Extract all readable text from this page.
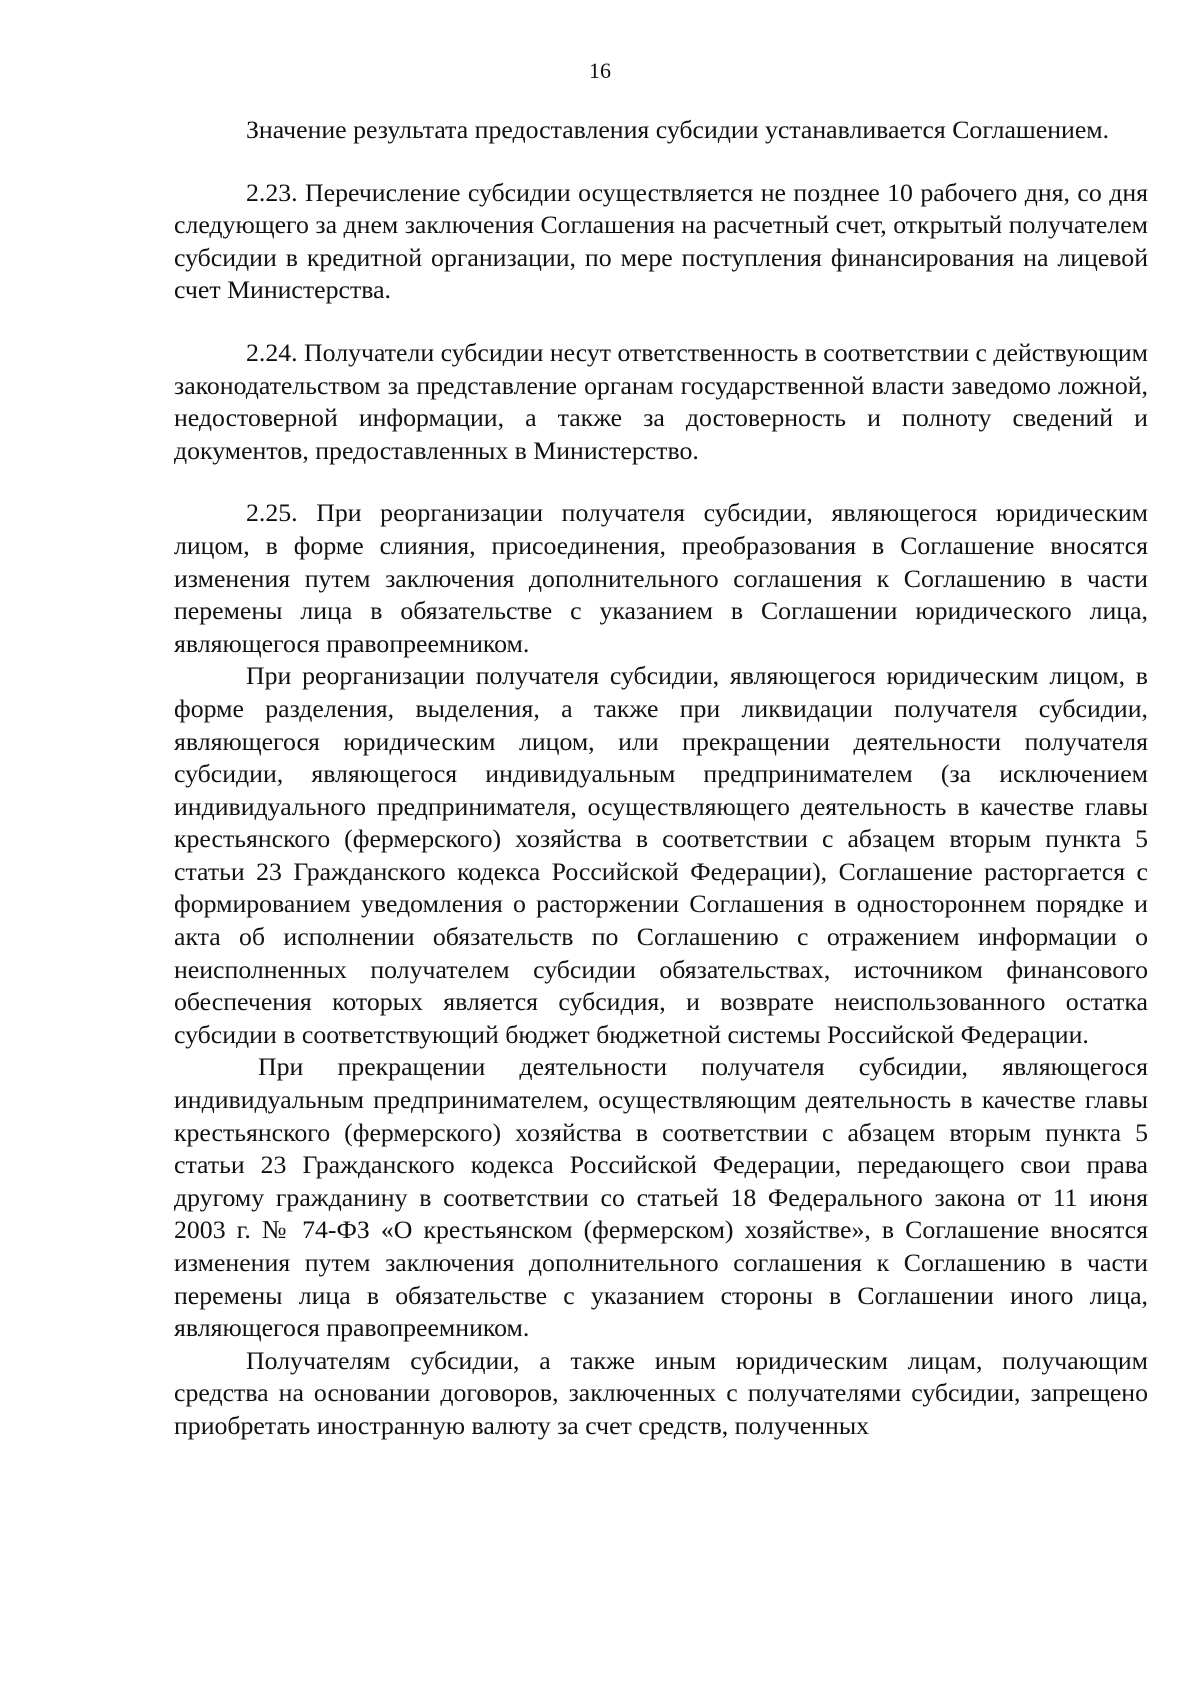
16

Значение результата предоставления субсидии устанавливается Соглашением.

2.23. Перечисление субсидии осуществляется не позднее 10 рабочего дня, со дня следующего за днем заключения Соглашения на расчетный счет, открытый получателем субсидии в кредитной организации, по мере поступления финансирования на лицевой счет Министерства.

2.24. Получатели субсидии несут ответственность в соответствии с действующим законодательством за представление органам государственной власти заведомо ложной, недостоверной информации, а также за достоверность и полноту сведений и документов, предоставленных в Министерство.

2.25. При реорганизации получателя субсидии, являющегося юридическим лицом, в форме слияния, присоединения, преобразования в Соглашение вносятся изменения путем заключения дополнительного соглашения к Соглашению в части перемены лица в обязательстве с указанием в Соглашении юридического лица, являющегося правопреемником.

При реорганизации получателя субсидии, являющегося юридическим лицом, в форме разделения, выделения, а также при ликвидации получателя субсидии, являющегося юридическим лицом, или прекращении деятельности получателя субсидии, являющегося индивидуальным предпринимателем (за исключением индивидуального предпринимателя, осуществляющего деятельность в качестве главы крестьянского (фермерского) хозяйства в соответствии с абзацем вторым пункта 5 статьи 23 Гражданского кодекса Российской Федерации), Соглашение расторгается с формированием уведомления о расторжении Соглашения в одностороннем порядке и акта об исполнении обязательств по Соглашению с отражением информации о неисполненных получателем субсидии обязательствах, источником финансового обеспечения которых является субсидия, и возврате неиспользованного остатка субсидии в соответствующий бюджет бюджетной системы Российской Федерации.

При прекращении деятельности получателя субсидии, являющегося индивидуальным предпринимателем, осуществляющим деятельность в качестве главы крестьянского (фермерского) хозяйства в соответствии с абзацем вторым пункта 5 статьи 23 Гражданского кодекса Российской Федерации, передающего свои права другому гражданину в соответствии со статьей 18 Федерального закона от 11 июня 2003 г. № 74-ФЗ «О крестьянском (фермерском) хозяйстве», в Соглашение вносятся изменения путем заключения дополнительного соглашения к Соглашению в части перемены лица в обязательстве с указанием стороны в Соглашении иного лица, являющегося правопреемником.

Получателям субсидии, а также иным юридическим лицам, получающим средства на основании договоров, заключенных с получателями субсидии, запрещено приобретать иностранную валюту за счет средств, полученных
